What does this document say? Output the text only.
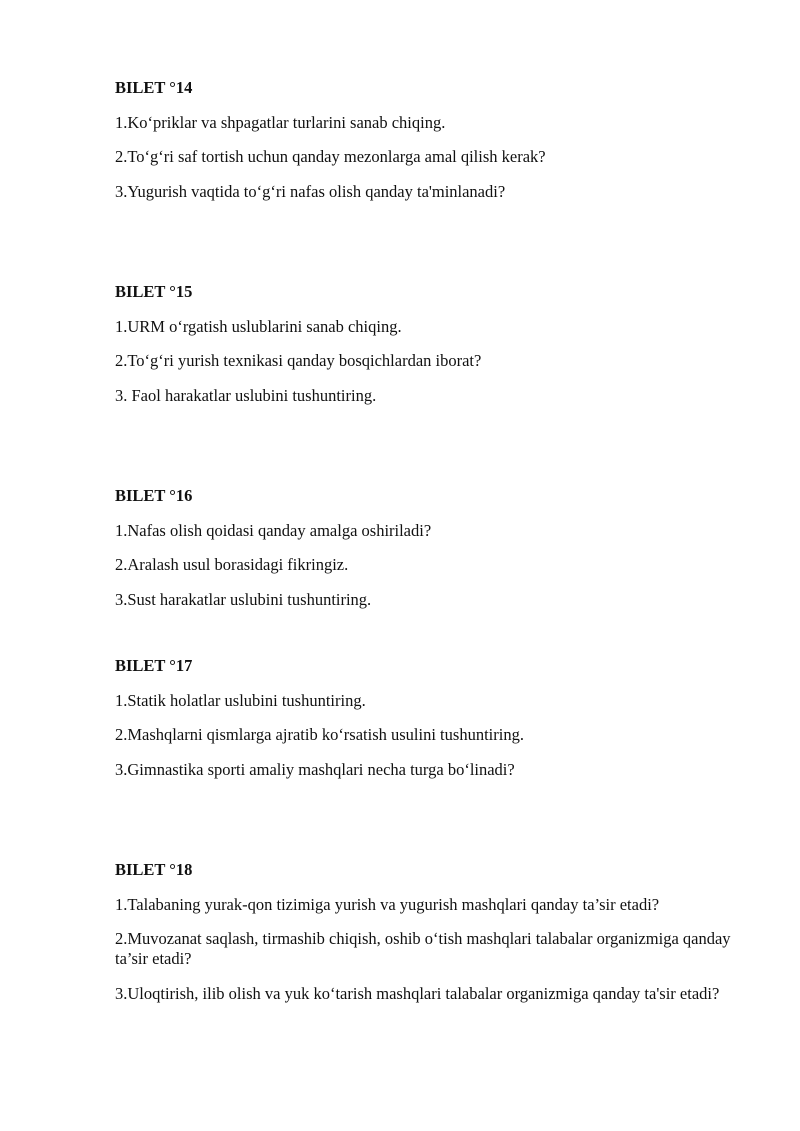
BILET °14
1.Ko‘priklar va shpagatlar turlarini sanab chiqing.
2.To‘g‘ri saf tortish uchun qanday mezonlarga amal qilish kerak?
3.Yugurish vaqtida to‘g‘ri nafas olish qanday ta'minlanadi?
BILET °15
1.URM o‘rgatish uslublarini sanab chiqing.
2.To‘g‘ri yurish texnikasi qanday bosqichlardan iborat?
3. Faol harakatlar uslubini tushuntiring.
BILET °16
1.Nafas olish qoidasi qanday amalga oshiriladi?
2.Aralash usul borasidagi fikringiz.
3.Sust harakatlar uslubini tushuntiring.
BILET °17
1.Statik holatlar uslubini tushuntiring.
2.Mashqlarni qismlarga ajratib ko‘rsatish usulini tushuntiring.
3.Gimnastika sporti amaliy mashqlari necha turga bo‘linadi?
BILET °18
1.Talabaning yurak-qon tizimiga yurish va yugurish mashqlari qanday ta’sir etadi?
2.Muvozanat saqlash, tirmashib chiqish, oshib o‘tish mashqlari talabalar organizmiga qanday ta’sir etadi?
3.Uloqtirish, ilib olish va yuk ko‘tarish mashqlari talabalar organizmiga qanday ta'sir etadi?
